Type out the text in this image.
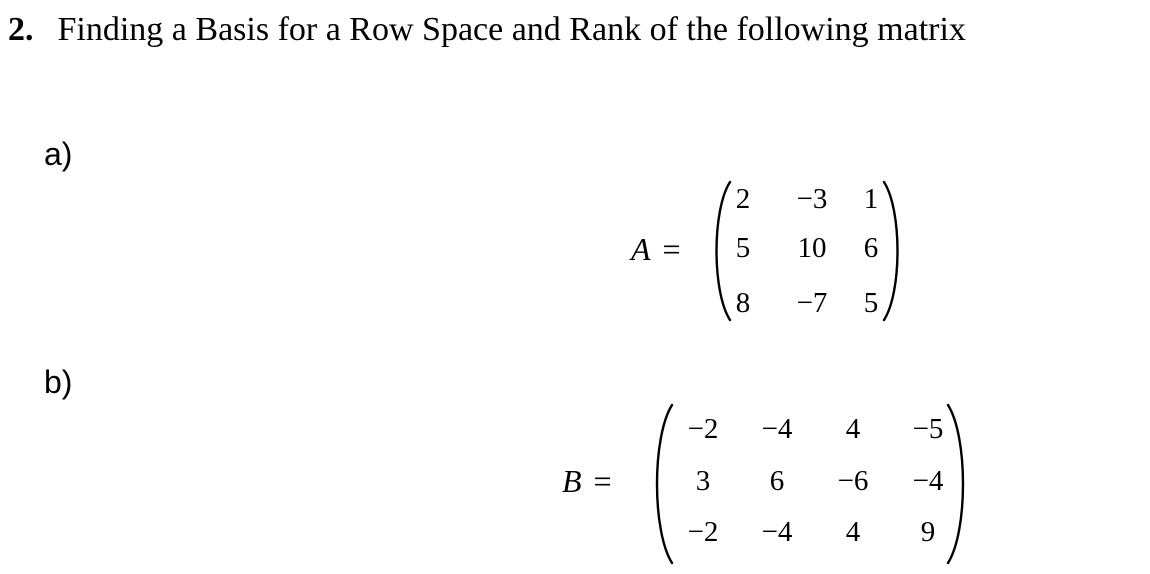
2. Finding a Basis for a Row Space and Rank of the following matrix
a)
A =
2	−3	1
5	10	6
8	−7	5
b)
B =
−2	−4	4	−5
3	6	−6	−4
−2	−4	4	9
